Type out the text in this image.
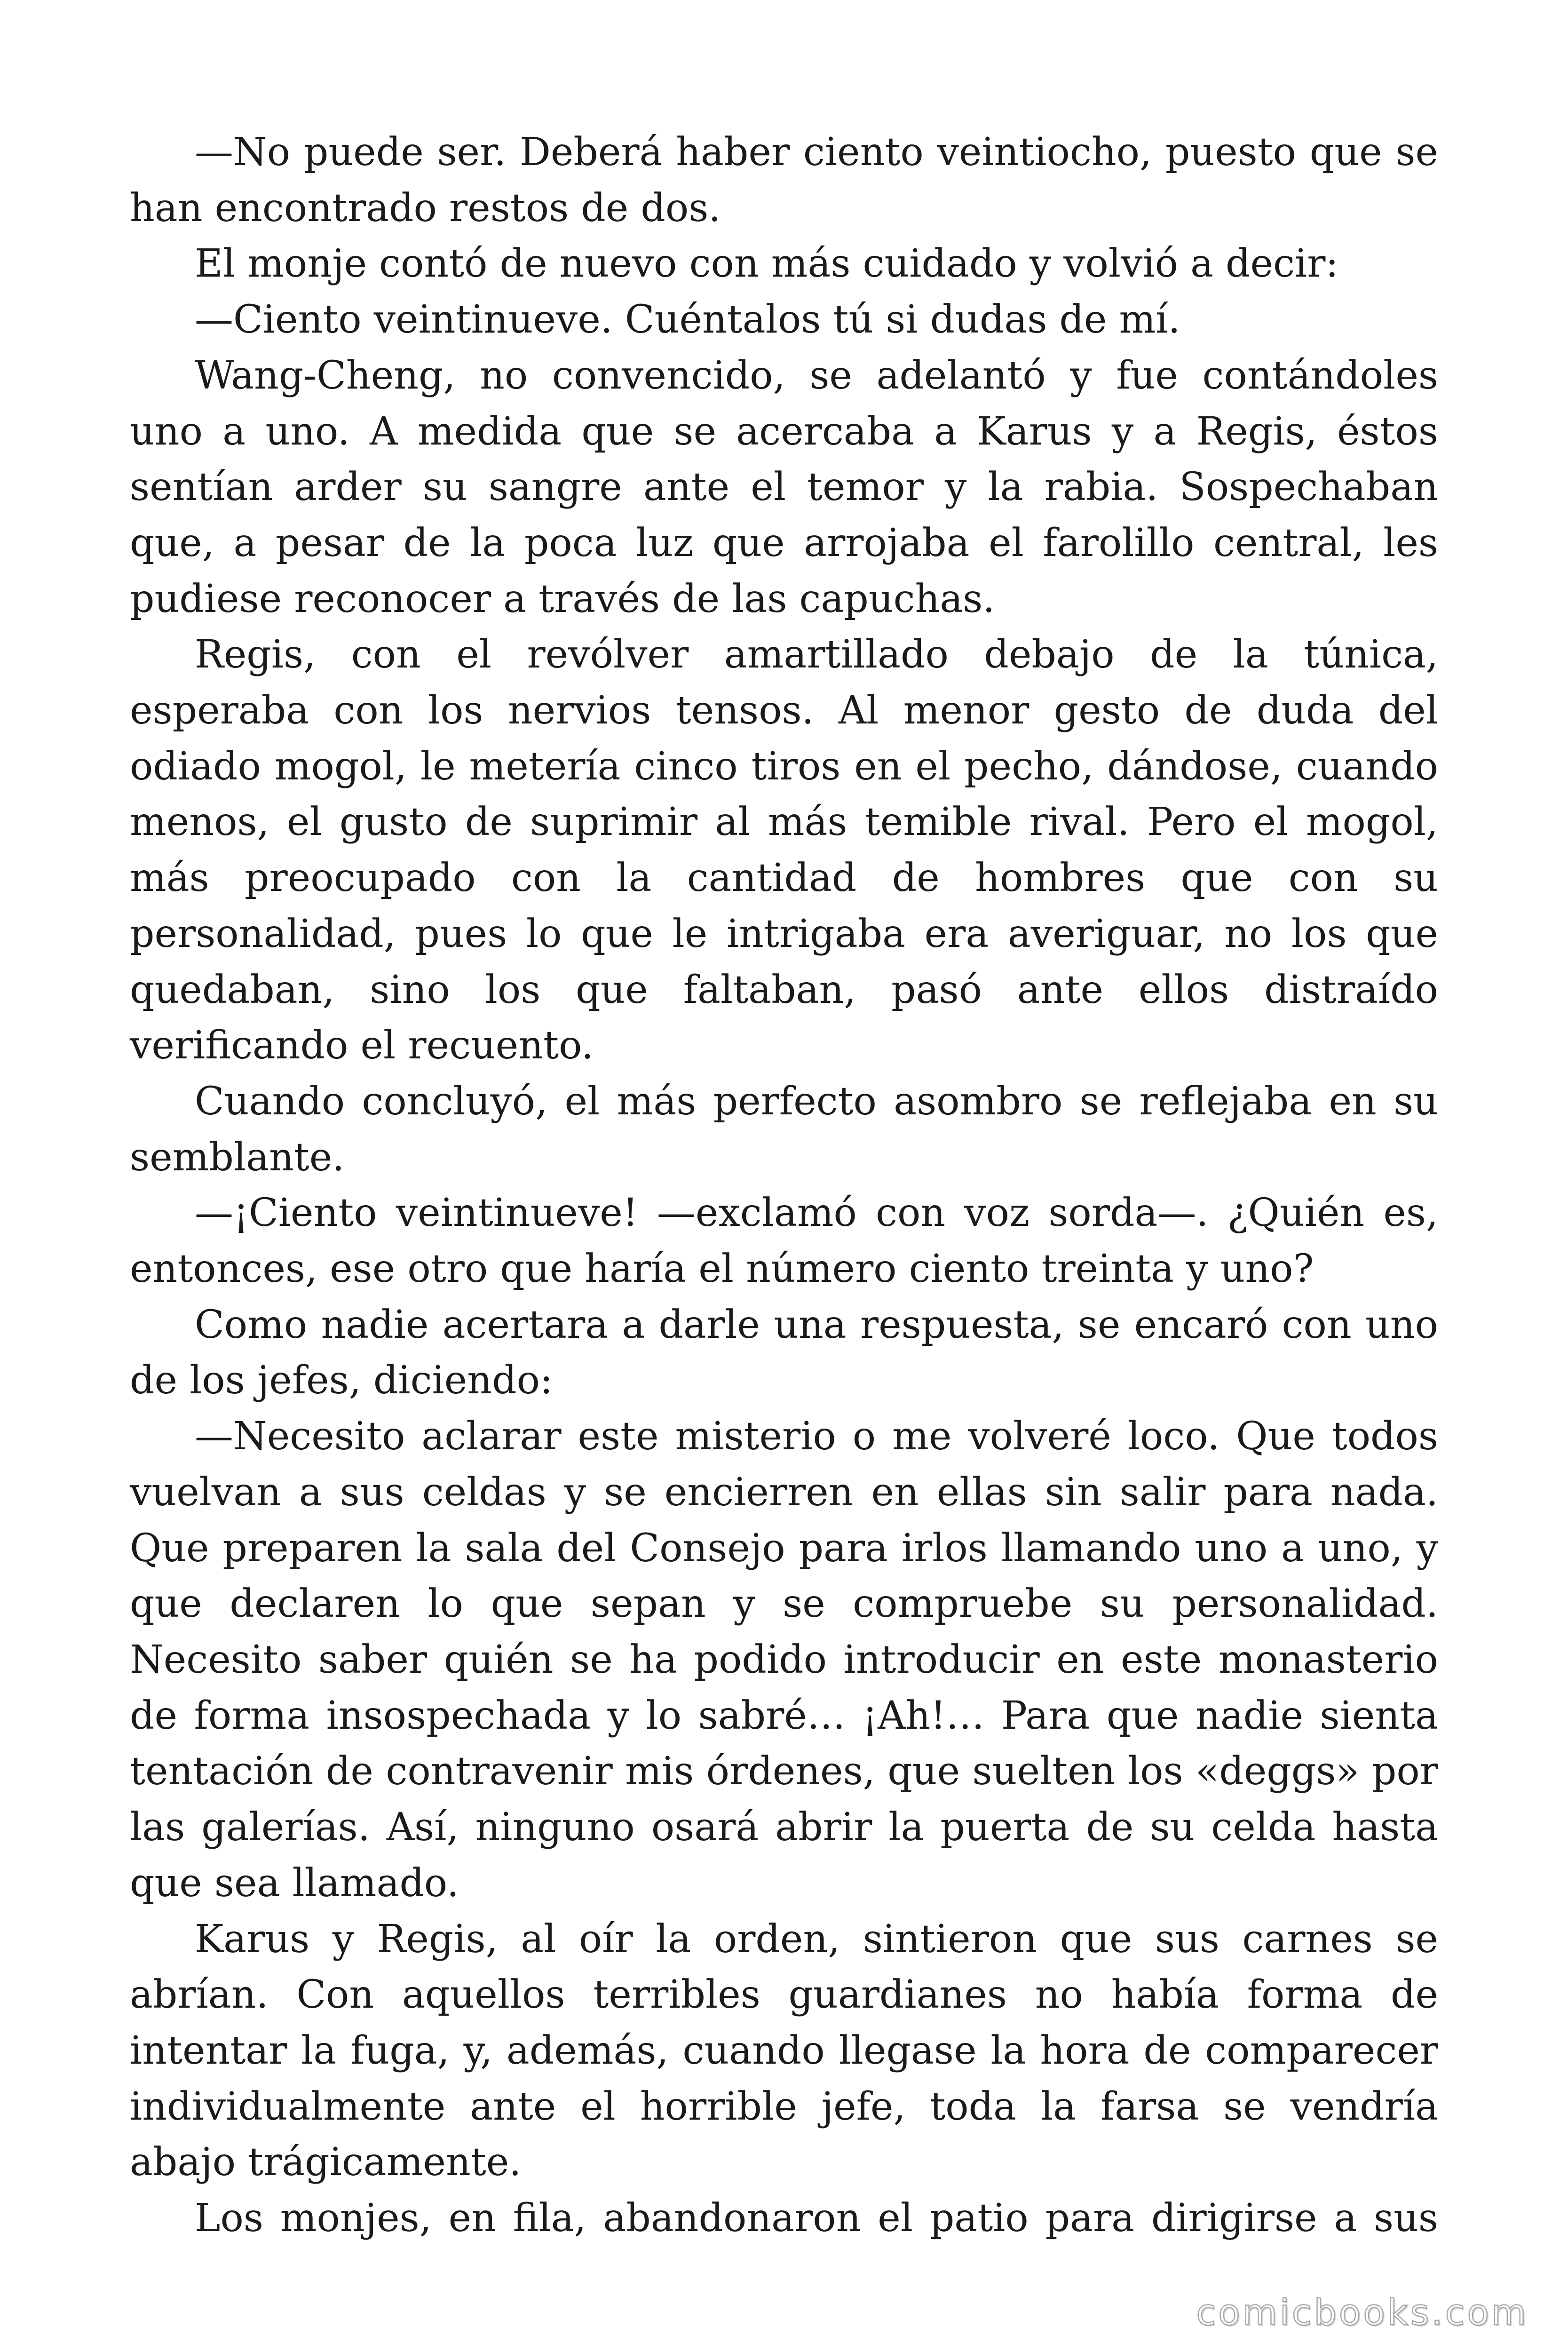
—No puede ser. Deberá haber ciento veintiocho, puesto que se han encontrado restos de dos.

El monje contó de nuevo con más cuidado y volvió a decir:

—Ciento veintinueve. Cuéntalos tú si dudas de mí.

Wang-Cheng, no convencido, se adelantó y fue contándoles uno a uno. A medida que se acercaba a Karus y a Regis, éstos sentían arder su sangre ante el temor y la rabia. Sospechaban que, a pesar de la poca luz que arrojaba el farolillo central, les pudiese reconocer a través de las capuchas.

Regis, con el revólver amartillado debajo de la túnica, esperaba con los nervios tensos. Al menor gesto de duda del odiado mogol, le metería cinco tiros en el pecho, dándose, cuando menos, el gusto de suprimir al más temible rival. Pero el mogol, más preocupado con la cantidad de hombres que con su personalidad, pues lo que le intrigaba era averiguar, no los que quedaban, sino los que faltaban, pasó ante ellos distraído verificando el recuento.

Cuando concluyó, el más perfecto asombro se reflejaba en su semblante.

—¡Ciento veintinueve! —exclamó con voz sorda—. ¿Quién es, entonces, ese otro que haría el número ciento treinta y uno?

Como nadie acertara a darle una respuesta, se encaró con uno de los jefes, diciendo:

—Necesito aclarar este misterio o me volveré loco. Que todos vuelvan a sus celdas y se encierren en ellas sin salir para nada. Que preparen la sala del Consejo para irlos llamando uno a uno, y que declaren lo que sepan y se compruebe su personalidad. Necesito saber quién se ha podido introducir en este monasterio de forma insospechada y lo sabré… ¡Ah!… Para que nadie sienta tentación de contravenir mis órdenes, que suelten los «deggs» por las galerías. Así, ninguno osará abrir la puerta de su celda hasta que sea llamado.

Karus y Regis, al oír la orden, sintieron que sus carnes se abrían. Con aquellos terribles guardianes no había forma de intentar la fuga, y, además, cuando llegase la hora de comparecer individualmente ante el horrible jefe, toda la farsa se vendría abajo trágicamente.

Los monjes, en fila, abandonaron el patio para dirigirse a sus

comicbooks.com
